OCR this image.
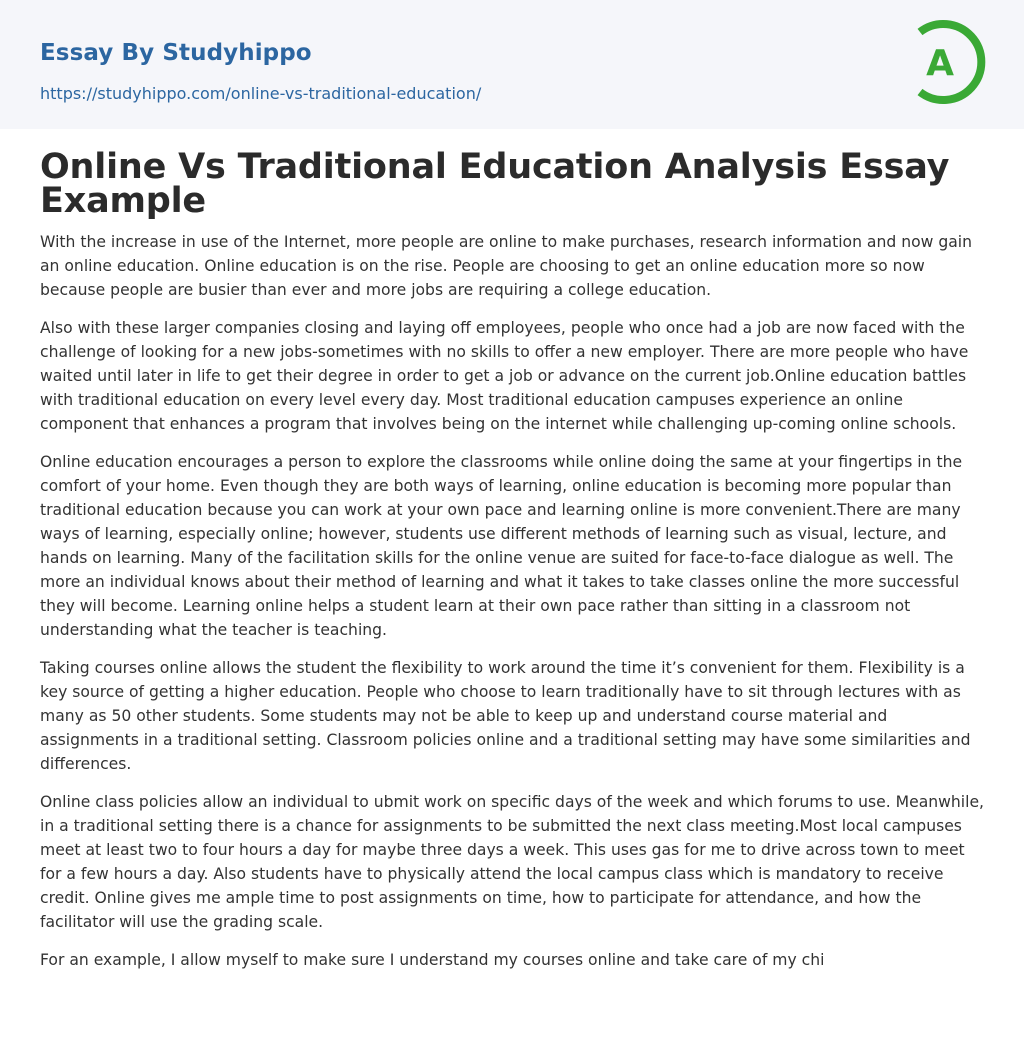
Essay By Studyhippo
https://studyhippo.com/online-vs-traditional-education/
A
Online Vs Traditional Education Analysis Essay Example

With the increase in use of the Internet, more people are online to make purchases, research information and now gain an online education. Online education is on the rise. People are choosing to get an online education more so now because people are busier than ever and more jobs are requiring a college education.

Also with these larger companies closing and laying off employees, people who once had a job are now faced with the challenge of looking for a new jobs-sometimes with no skills to offer a new employer. There are more people who have waited until later in life to get their degree in order to get a job or advance on the current job.Online education battles with traditional education on every level every day. Most traditional education campuses experience an online component that enhances a program that involves being on the internet while challenging up-coming online schools.

Online education encourages a person to explore the classrooms while online doing the same at your fingertips in the comfort of your home. Even though they are both ways of learning, online education is becoming more popular than traditional education because you can work at your own pace and learning online is more convenient.There are many ways of learning, especially online; however, students use different methods of learning such as visual, lecture, and hands on learning. Many of the facilitation skills for the online venue are suited for face-to-face dialogue as well. The more an individual knows about their method of learning and what it takes to take classes online the more successful they will become. Learning online helps a student learn at their own pace rather than sitting in a classroom not understanding what the teacher is teaching.

Taking courses online allows the student the flexibility to work around the time it’s convenient for them. Flexibility is a key source of getting a higher education. People who choose to learn traditionally have to sit through lectures with as many as 50 other students. Some students may not be able to keep up and understand course material and assignments in a traditional setting. Classroom policies online and a traditional setting may have some similarities and differences.

Online class policies allow an individual to ubmit work on specific days of the week and which forums to use. Meanwhile, in a traditional setting there is a chance for assignments to be submitted the next class meeting.Most local campuses meet at least two to four hours a day for maybe three days a week. This uses gas for me to drive across town to meet for a few hours a day. Also students have to physically attend the local campus class which is mandatory to receive credit. Online gives me ample time to post assignments on time, how to participate for attendance, and how the facilitator will use the grading scale.

For an example, I allow myself to make sure I understand my courses online and take care of my chi
